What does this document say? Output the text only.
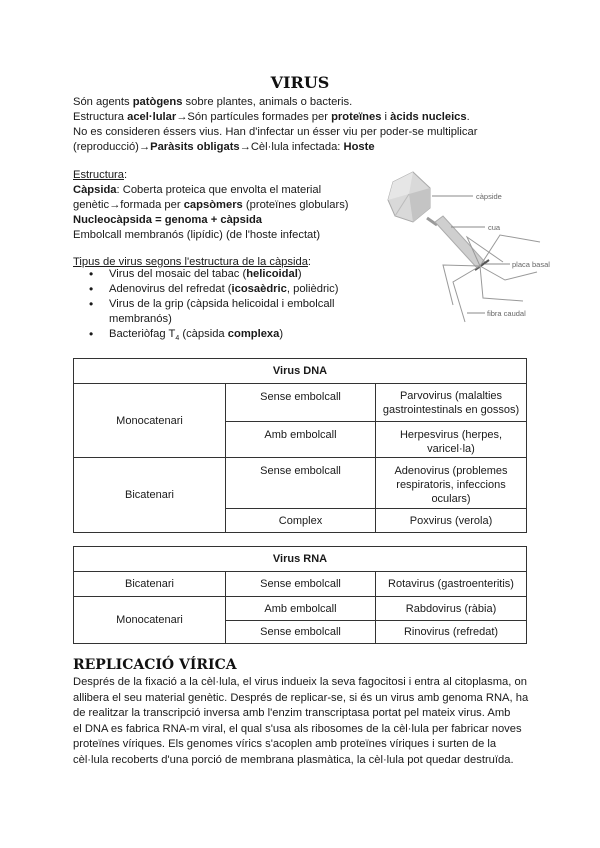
VIRUS
Són agents patògens sobre plantes, animals o bacteris.
Estructura acel·lular→Són partícules formades per proteïnes i àcids nucleics.
No es consideren éssers vius. Han d'infectar un ésser viu per poder-se multiplicar
(reproducció)→Paràsits obligats→Cèl·lula infectada: Hoste
Estructura:
Càpsida: Coberta proteica que envolta el material
genètic→formada per capsòmers (proteïnes globulars)
Nucleocàpsida = genoma + càpsida
Embolcall membranós (lipídic) (de l'hoste infectat)
Tipus de virus segons l'estructura de la càpsida:
• Virus del mosaic del tabac (helicoidal)
• Adenovirus del refredat (icosaèdric, polièdric)
• Virus de la grip (càpsida helicoidal i embolcall membranós)
• Bacteriòfag $T_4$ (càpsida complexa)
càpside
cua
placa basal
fibra caudal
Virus DNA		
Monocatenari	Sense embolcall	Parvovirus (malalties gastrointestinals en gossos)
	Amb embolcall	Herpesvirus (herpes, varicel·la)
Bicatenari	Sense embolcall	Adenovirus (problemes respiratoris, infeccions oculars)
	Complex	Poxvirus (verola)
Virus RNA		
Bicatenari	Sense embolcall	Rotavirus (gastroenteritis)
Monocatenari	Amb embolcall	Rabdovirus (ràbia)
	Sense embolcall	Rinovirus (refredat)
REPLICACIÓ VÍRICA
Després de la fixació a la cèl·lula, el virus indueix la seva fagocitosi i entra al citoplasma, on
allibera el seu material genètic. Després de replicar-se, si és un virus amb genoma RNA, ha
de realitzar la transcripció inversa amb l'enzim transcriptasa portat pel mateix virus. Amb
el DNA es fabrica RNA-m viral, el qual s'usa als ribosomes de la cèl·lula per fabricar noves
proteïnes víriques. Els genomes vírics s'acoplen amb proteïnes víriques i surten de la
cèl·lula recoberts d'una porció de membrana plasmàtica, la cèl·lula pot quedar destruïda.
